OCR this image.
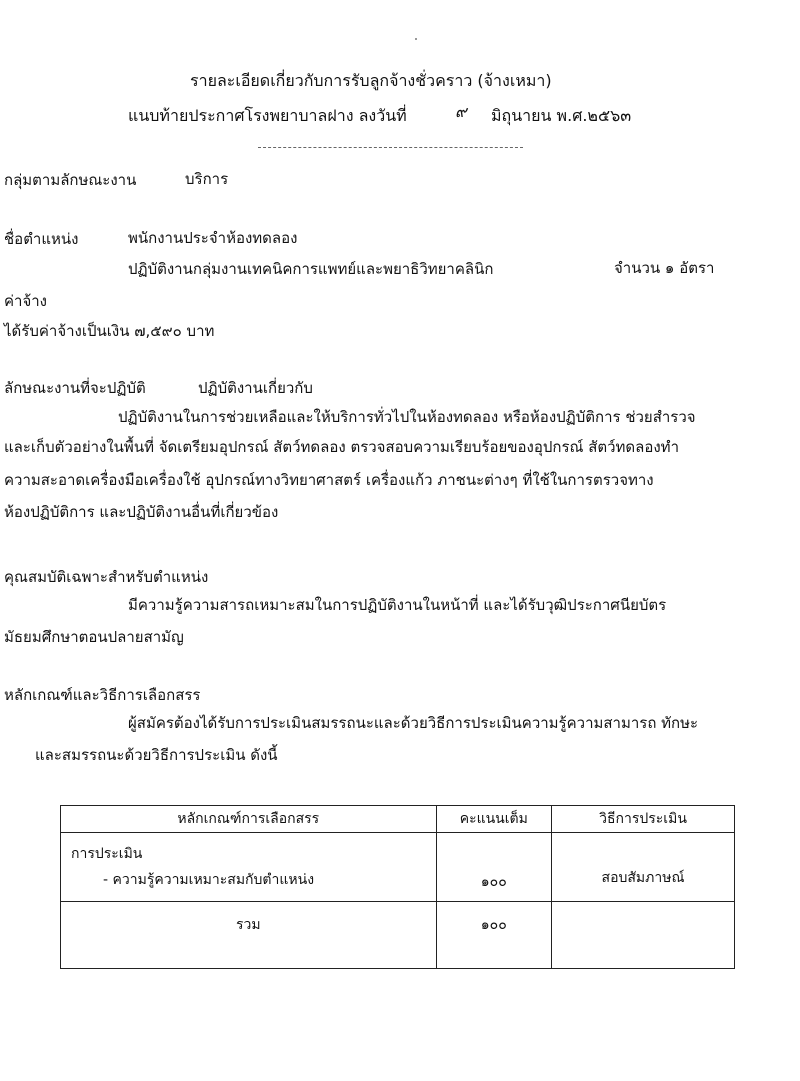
รายละเอียดเกี่ยวกับการรับลูกจ้างชั่วคราว (จ้างเหมา)
แนบท้ายประกาศโรงพยาบาลฝาง ลงวันที่	๙ มิถุนายน พ.ศ.๒๕๖๓
กลุ่มตามลักษณะงาน	บริการ
ชื่อตำแหน่ง	พนักงานประจำห้องทดลอง
ปฏิบัติงานกลุ่มงานเทคนิคการแพทย์และพยาธิวิทยาคลินิก	จำนวน ๑ อัตรา
ค่าจ้าง
ได้รับค่าจ้างเป็นเงิน ๗,๕๙๐ บาท
ลักษณะงานที่จะปฏิบัติ	ปฏิบัติงานเกี่ยวกับ
ปฏิบัติงานในการช่วยเหลือและให้บริการทั่วไปในห้องทดลอง หรือห้องปฏิบัติการ ช่วยสำรวจ
และเก็บตัวอย่างในพื้นที่ จัดเตรียมอุปกรณ์ สัตว์ทดลอง ตรวจสอบความเรียบร้อยของอุปกรณ์ สัตว์ทดลองทำ
ความสะอาดเครื่องมือเครื่องใช้ อุปกรณ์ทางวิทยาศาสตร์ เครื่องแก้ว ภาชนะต่างๆ ที่ใช้ในการตรวจทาง
ห้องปฏิบัติการ และปฏิบัติงานอื่นที่เกี่ยวข้อง
คุณสมบัติเฉพาะสำหรับตำแหน่ง
มีความรู้ความสารถเหมาะสมในการปฏิบัติงานในหน้าที่ และได้รับวุฒิประกาศนียบัตร
มัธยมศึกษาตอนปลายสามัญ
หลักเกณฑ์และวิธีการเลือกสรร
ผู้สมัครต้องได้รับการประเมินสมรรถนะและด้วยวิธีการประเมินความรู้ความสามารถ ทักษะ
และสมรรถนะด้วยวิธีการประเมิน ดังนี้
หลักเกณฑ์การเลือกสรร	คะแนนเต็ม	วิธีการประเมิน

การประเมิน
- ความรู้ความเหมาะสมกับตำแหน่ง	๑๐๐	สอบสัมภาษณ์

รวม	๑๐๐	
